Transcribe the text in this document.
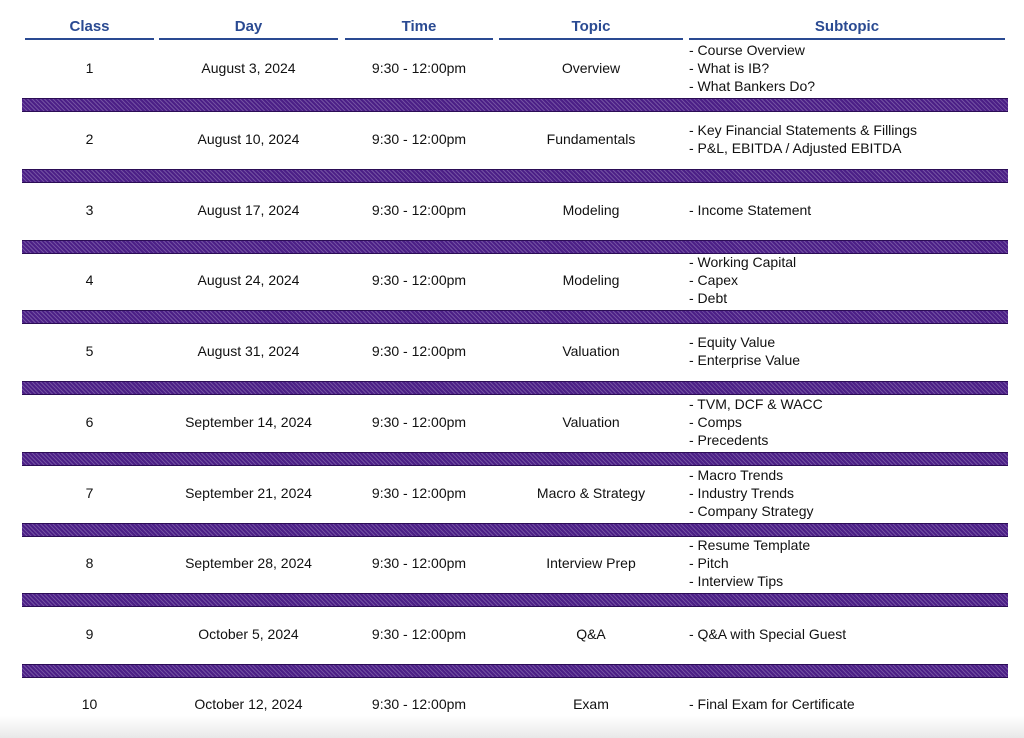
Class	Day	Time	Topic	Subtopic
1	August 3, 2024	9:30 - 12:00pm	Overview
- Course Overview
- What is IB?
- What Bankers Do?
2	August 10, 2024	9:30 - 12:00pm	Fundamentals
- Key Financial Statements & Fillings
- P&L, EBITDA / Adjusted EBITDA
3	August 17, 2024	9:30 - 12:00pm	Modeling	- Income Statement
4	August 24, 2024	9:30 - 12:00pm	Modeling
- Working Capital
- Capex
- Debt
5	August 31, 2024	9:30 - 12:00pm	Valuation
- Equity Value
- Enterprise Value
6	September 14, 2024	9:30 - 12:00pm	Valuation
- TVM, DCF & WACC
- Comps
- Precedents
7	September 21, 2024	9:30 - 12:00pm	Macro & Strategy
- Macro Trends
- Industry Trends
- Company Strategy
8	September 28, 2024	9:30 - 12:00pm	Interview Prep
- Resume Template
- Pitch
- Interview Tips
9	October 5, 2024	9:30 - 12:00pm	Q&A	- Q&A with Special Guest
10	October 12, 2024	9:30 - 12:00pm	Exam	- Final Exam for Certificate
